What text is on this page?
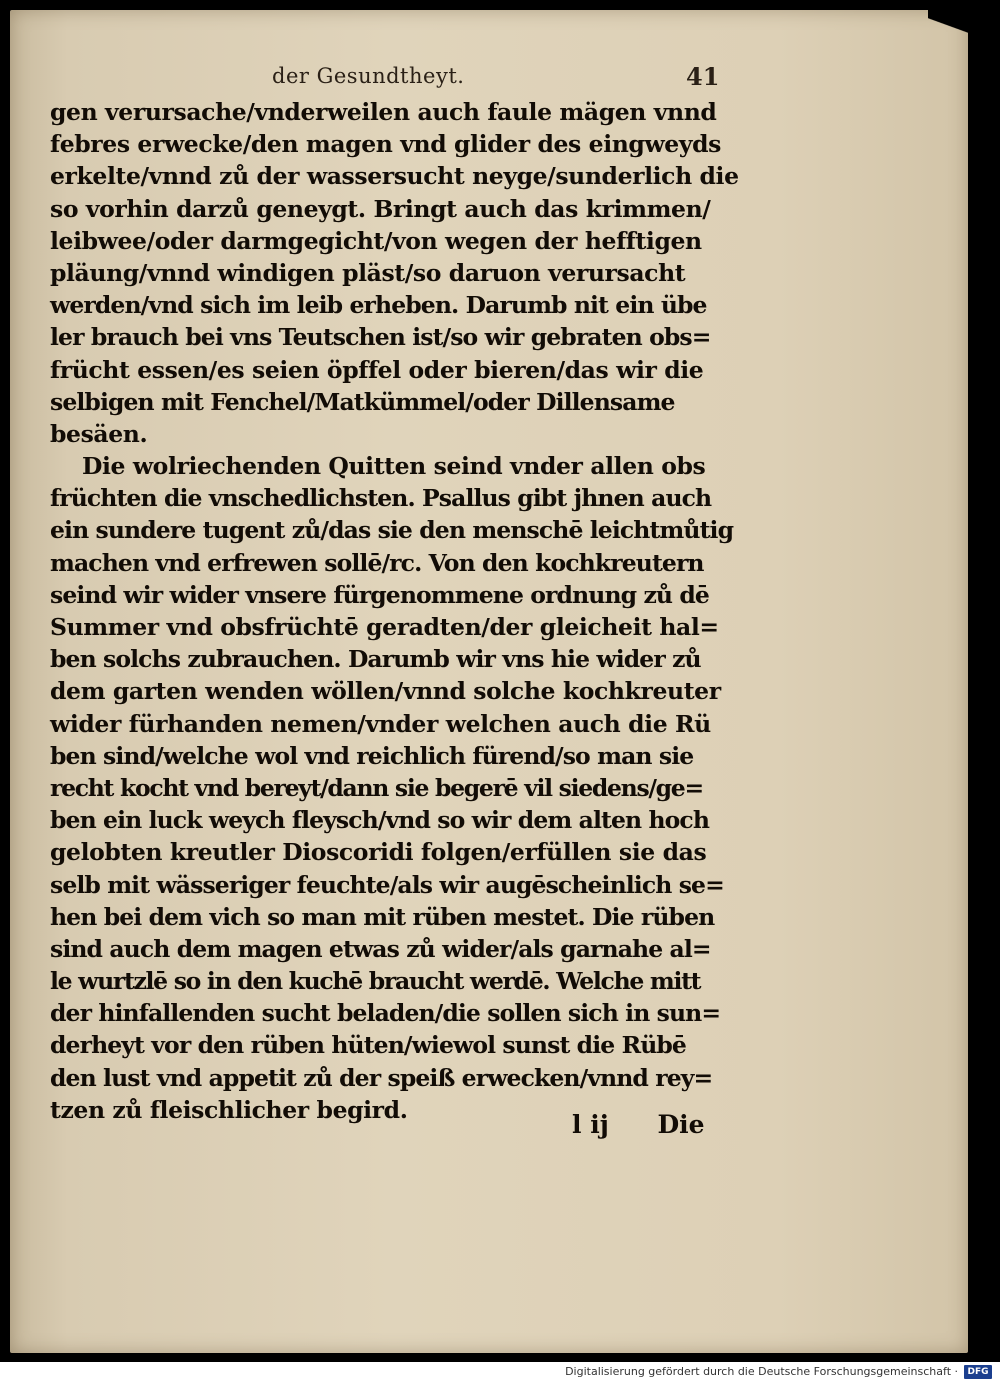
der Gesundtheyt.	41
gen verursache/vnderweilen auch faule mägen vnnd
febres erwecke/den magen vnd glider des eingweyds
erkelte/vnnd zů der wassersucht neyge/sunderlich die
so vorhin darzů geneygt. Bringt auch das krimmen/
leibwee/oder darmgegicht/von wegen der hefftigen
pläung/vnnd windigen pläst/so daruon verursacht
werden/vnd sich im leib erheben. Darumb nit ein übe
ler brauch bei vns Teutschen ist/so wir gebraten obs=
frücht essen/es seien öpffel oder bieren/das wir die
selbigen mit Fenchel/Matkümmel/oder Dillensame
besäen.
Die wolriechenden Quitten seind vnder allen obs
früchten die vnschedlichsten. Psallus gibt jhnen auch
ein sundere tugent zů/das sie den menschē leichtmůtig
machen vnd erfrewen sollē/rc. Von den kochkreutern
seind wir wider vnsere fürgenommene ordnung zů dē
Summer vnd obsfrüchtē geradten/der gleicheit hal=
ben solchs zubrauchen. Darumb wir vns hie wider zů
dem garten wenden wöllen/vnnd solche kochkreuter
wider fürhanden nemen/vnder welchen auch die Rü
ben sind/welche wol vnd reichlich fürend/so man sie
recht kocht vnd bereyt/dann sie begerē vil siedens/ge=
ben ein luck weych fleysch/vnd so wir dem alten hoch
gelobten kreutler Dioscoridi folgen/erfüllen sie das
selb mit wässeriger feuchte/als wir augēscheinlich se=
hen bei dem vich so man mit rüben mestet. Die rüben
sind auch dem magen etwas zů wider/als garnahe al=
le wurtzlē so in den kuchē braucht werdē. Welche mitt
der hinfallenden sucht beladen/die sollen sich in sun=
derheyt vor den rüben hüten/wiewol sunst die Rübē
den lust vnd appetit zů der speiß erwecken/vnnd rey=
tzen zů fleischlicher begird.
l ij Die
Digitalisierung gefördert durch die Deutsche Forschungsgemeinschaft ·	DFG
